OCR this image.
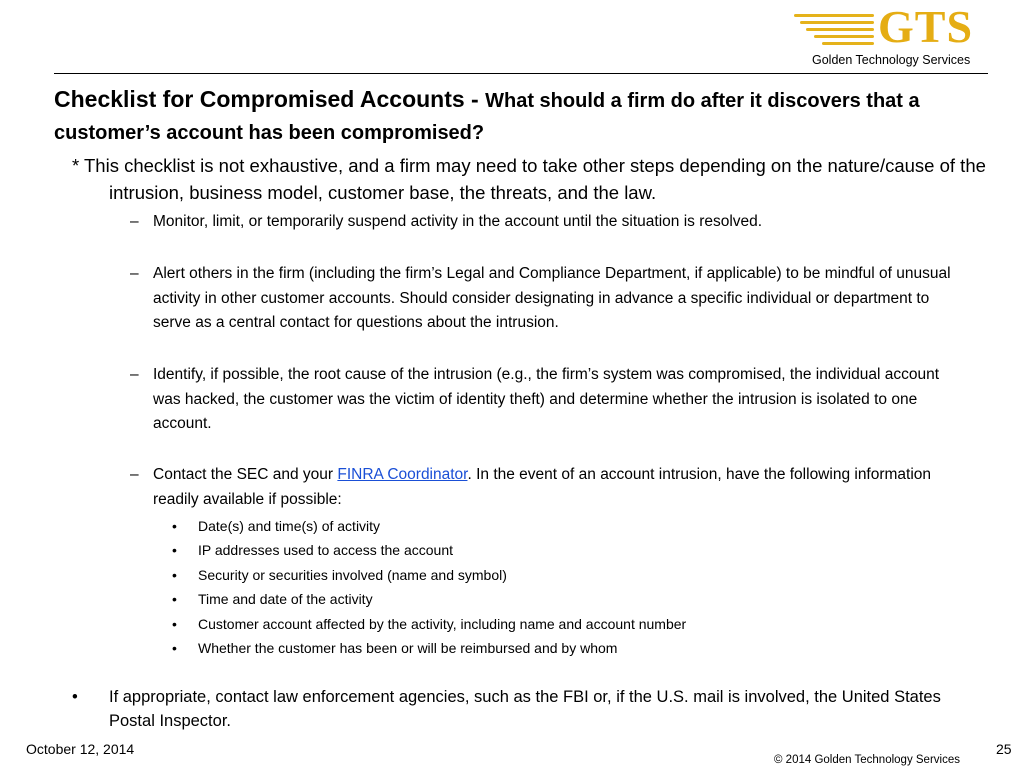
GTS
Golden Technology Services
Checklist for Compromised Accounts - What should a firm do after it discovers that a customer’s account has been compromised?
* This checklist is not exhaustive, and a firm may need to take other steps depending on the nature/cause of the intrusion, business model, customer base, the threats, and the law.
– Monitor, limit, or temporarily suspend activity in the account until the situation is resolved.
– Alert others in the firm (including the firm’s Legal and Compliance Department, if applicable) to be mindful of unusual activity in other customer accounts. Should consider designating in advance a specific individual or department to serve as a central contact for questions about the intrusion.
– Identify, if possible, the root cause of the intrusion (e.g., the firm’s system was compromised, the individual account was hacked, the customer was the victim of identity theft) and determine whether the intrusion is isolated to one account.
– Contact the SEC and your FINRA Coordinator. In the event of an account intrusion, have the following information readily available if possible:
• Date(s) and time(s) of activity
• IP addresses used to access the account
• Security or securities involved (name and symbol)
• Time and date of the activity
• Customer account affected by the activity, including name and account number
• Whether the customer has been or will be reimbursed and by whom
• If appropriate, contact law enforcement agencies, such as the FBI or, if the U.S. mail is involved, the United States Postal Inspector.
October 12, 2014
© 2014 Golden Technology Services
25
